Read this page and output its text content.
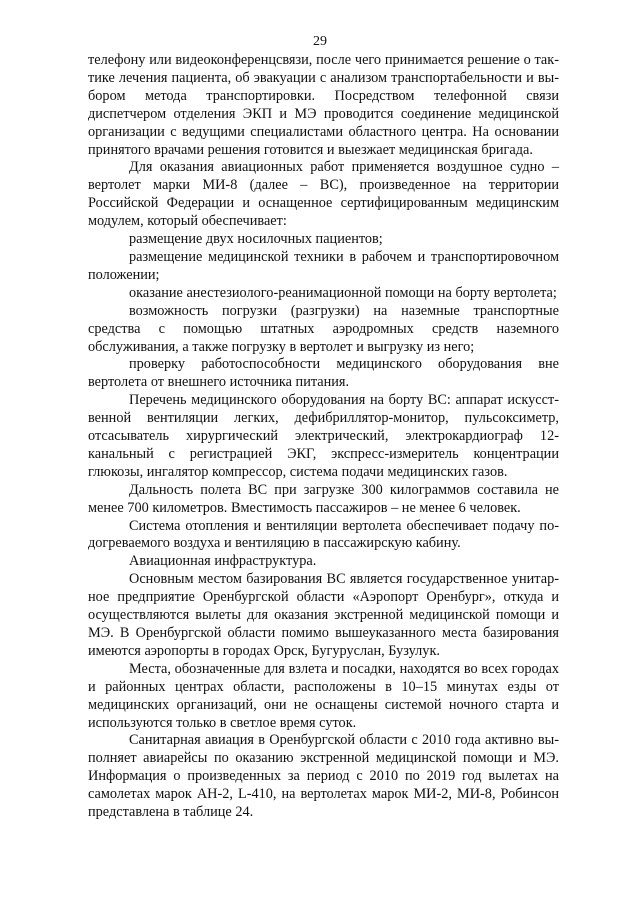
29

телефону или видеоконференцсвязи, после чего принимается решение о тактике лечения пациента, об эвакуации с анализом транспортабельности и выбором метода транспортировки. Посредством телефонной связи диспетчером отделения ЭКП и МЭ проводится соединение медицинской организации с ведущими специалистами областного центра. На основании принятого врачами решения готовится и выезжает медицинская бригада.

Для оказания авиационных работ применяется воздушное судно – вертолет марки МИ-8 (далее – ВС), произведенное на территории Российской Федерации и оснащенное сертифицированным медицинским модулем, который обеспечивает:

размещение двух носилочных пациентов;

размещение медицинской техники в рабочем и транспортировочном положении;

оказание анестезиолого-реанимационной помощи на борту вертолета;

возможность погрузки (разгрузки) на наземные транспортные средства с помощью штатных аэродромных средств наземного обслуживания, а также погрузку в вертолет и выгрузку из него;

проверку работоспособности медицинского оборудования вне вертолета от внешнего источника питания.

Перечень медицинского оборудования на борту ВС: аппарат искусственной вентиляции легких, дефибриллятор-монитор, пульсоксиметр, отсасыватель хирургический электрический, электрокардиограф 12-канальный с регистрацией ЭКГ, экспресс-измеритель концентрации глюкозы, ингалятор компрессор, система подачи медицинских газов.

Дальность полета ВС при загрузке 300 килограммов составила не менее 700 километров. Вместимость пассажиров – не менее 6 человек.

Система отопления и вентиляции вертолета обеспечивает подачу подогреваемого воздуха и вентиляцию в пассажирскую кабину.

Авиационная инфраструктура.

Основным местом базирования ВС является государственное унитарное предприятие Оренбургской области «Аэропорт Оренбург», откуда и осуществляются вылеты для оказания экстренной медицинской помощи и МЭ. В Оренбургской области помимо вышеуказанного места базирования имеются аэропорты в городах Орск, Бугуруслан, Бузулук.

Места, обозначенные для взлета и посадки, находятся во всех городах и районных центрах области, расположены в 10–15 минутах езды от медицинских организаций, они не оснащены системой ночного старта и используются только в светлое время суток.

Санитарная авиация в Оренбургской области с 2010 года активно выполняет авиарейсы по оказанию экстренной медицинской помощи и МЭ. Информация о произведенных за период с 2010 по 2019 год вылетах на самолетах марок АН-2, L-410, на вертолетах марок МИ-2, МИ-8, Робинсон представлена в таблице 24.
